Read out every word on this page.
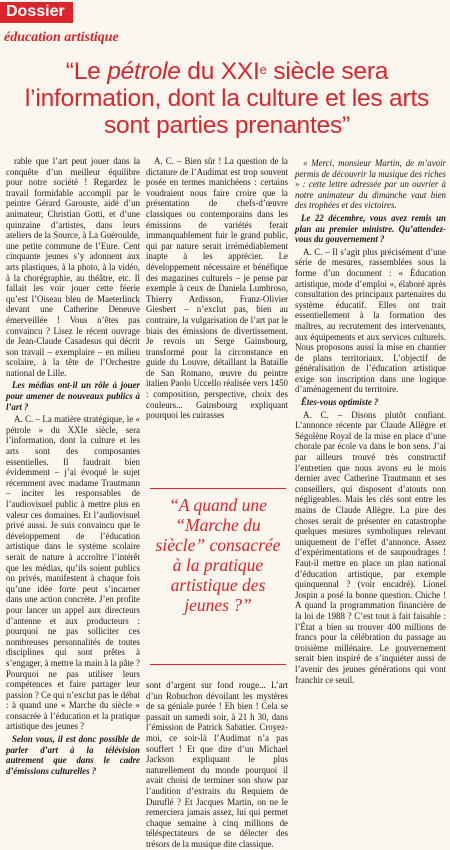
Dossier
éducation artistique
“Le pétrole du XXIe siècle sera l’information, dont la culture et les arts sont parties prenantes”

rable que l’art peut jouer dans la conquête d’un meilleur équilibre pour notre société ! Regardez le travail formidable accompli par le peintre Gérard Garouste, aidé d’un animateur, Christian Gotti, et d’une quinzaine d’artistes, dans leurs ateliers de la Source, à La Guéroulde, une petite commune de l’Eure. Cent cinquante jeunes s’y adonnent aux arts plastiques, à la photo, à la vidéo, à la chorégraphie, au théâtre, etc. Il fallait les voir jouer cette féerie qu’est l’Oiseau bleu de Maeterlinck devant une Catherine Deneuve émerveillée ! Vous n’êtes pas convaincu ? Lisez le récent ouvrage de Jean-Claude Casadesus qui décrit son travail – exemplaire – en milieu scolaire, à la tête de l’Orchestre national de Lille.

Les médias ont-il un rôle à jouer pour amener de nouveaux publics à l’art ?

A. C. – La matière stratégique, le « pétrole » du XXIe siècle, sera l’information, dont la culture et les arts sont des composantes essentielles. Il faudrait bien évidemment – j’ai évoqué le sujet récemment avec madame Trautmann – inciter les responsables de l’audiovisuel public à mettre plus en valeur ces domaines. Et l’audiovisuel privé aussi. Je suis convaincu que le développement de l’éducation artistique dans le système scolaire serait de nature à accroître l’intérêt que les médias, qu’ils soient publics ou privés, manifestent à chaque fois qu’une idée forte peut s’incarner dans une action concrète. J’en profite pour lancer un appel aux directeurs d’antenne et aux producteurs : pourquoi ne pas solliciter ces nombreuses personnalités de toutes disciplines qui sont prêtes à s’engager, à mettre la main à la pâte ? Pourquoi ne pas utiliser leurs compétences et faire partager leur passion ? Ce qui n’exclut pas le débat : à quand une « Marche du siècle » consacrée à l’éducation et la pratique artistique des jeunes ?

Selon vous, il est donc possible de parler d’art à la télévision autrement que dans le cadre d’émissions culturelles ?

A. C. – Bien sûr ! La question de la dictature de l’Audimat est trop souvent posée en termes manichéens : certains voudraient nous faire croire que la présentation de chefs-d’œuvre classiques ou contemporains dans les émissions de variétés ferait immanquablement fuir le grand public, qui par nature serait irrémédiablement inapte à les apprécier. Le développement nécessaire et bénéfique des magazines culturels – je pense par exemple à ceux de Daniela Lumbroso, Thierry Ardisson, Franz-Olivier Giesbert – n’exclut pas, bien au contraire, la vulgarisation de l’art par le biais des émissions de divertissement. Je revois un Serge Gainsbourg, transformé pour la circonstance en guide du Louvre, détaillant la Bataille de San Romano, œuvre du peintre italien Paolo Uccello réalisée vers 1450 : composition, perspective, choix des couleurs... Gainsbourg expliquant pourquoi les cuirasses

“A quand une “Marche du siècle” consacrée à la pratique artistique des jeunes ?”

sont d’argent sur fond rouge... L’art d’un Robuchon dévoilant les mystères de sa géniale purée ! Eh bien ! Cela se passait un samedi soir, à 21 h 30, dans l’émission de Patrick Sabatier. Croyez-moi, ce soir-là l’Audimat n’a pas souffert ! Et que dire d’un Michael Jackson expliquant le plus naturellement du monde pourquoi il avait choisi de terminer son show par l’audition d’extraits du Requiem de Duruflé ? Et Jacques Martin, on ne le remerciera jamais assez, lui qui permet chaque semaine à cinq millions de téléspectateurs de se délecter des trésors de la musique dite classique.

« Merci, monsieur Martin, de m’avoir permis de découvrir la musique des riches » : cette lettre adressée par un ouvrier à notre animateur du dimanche vaut bien des trophées et des victoires.

Le 22 décembre, vous avez remis un plan au premier ministre. Qu’attendez-vous du gouvernement ?

A. C. – Il s’agit plus précisément d’une série de mesures, rassemblées sous la forme d’un document : « Éducation artistique, mode d’emploi », élaboré après consultation des principaux partenaires du système éducatif. Elles ont trait essentiellement à la formation des maîtres, au recrutement des intervenants, aux équipements et aux services culturels. Nous proposons aussi la mise en chantier de plans territoriaux. L’objectif de généralisation de l’éducation artistique exige son inscription dans une logique d’aménagement du territoire.

Êtes-vous optimiste ?

A. C. – Disons plutôt confiant. L’annonce récente par Claude Allègre et Ségolène Royal de la mise en place d’une chorale par école va dans le bon sens. J’ai par ailleurs trouvé très constructif l’entretien que nous avons eu le mois dernier avec Catherine Trautmann et ses conseillers, qui disposent d’atouts non négligeables. Mais les clés sont entre les mains de Claude Allègre. La pire des choses serait de présenter en catastrophe quelques mesures symboliques relevant uniquement de l’effet d’annonce. Assez d’expérimentations et de saupoudrages ! Faut-il mettre en place un plan national d’éducation artistique, par exemple quinquennal ? (voir encadré). Lionel Jospin a posé la bonne question. Chiche ! A quand la programmation financière de la loi de 1988 ? C’est tout à fait faisable : l’État a bien su trouver 400 millions de francs pour la célébration du passage au troisième millénaire. Le gouvernement serait bien inspiré de s’inquiéter aussi de l’avenir des jeunes générations qui vont franchir ce seuil.
